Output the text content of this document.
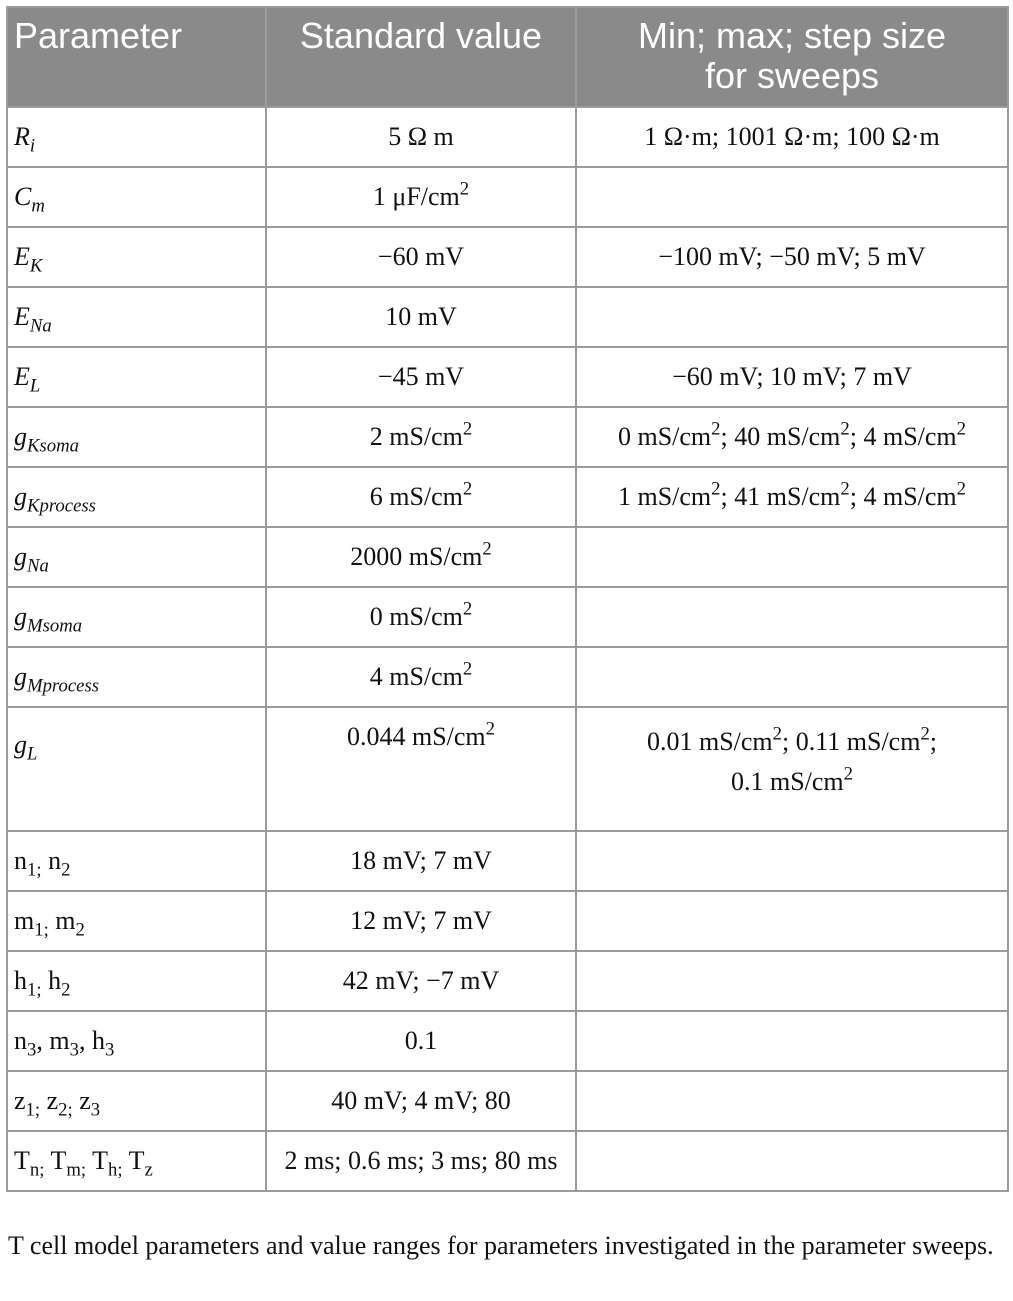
Parameter	Standard value	Min; max; step size
for sweeps
$R_i$	5 Ω m	1 Ω·m; 1001 Ω·m; 100 Ω·m
$C_m$	1 $\mu F/cm^2$	
$E_K$	−60 mV	−100 mV; −50 mV; 5 mV
$E_{Na}$	10 mV	
$E_L$	−45 mV	−60 mV; 10 mV; 7 mV
$g_{Ksoma}$	2 $mS/cm^2$	0 $mS/cm^2$; 40 $mS/cm^2$; 4 $mS/cm^2$
$g_{Kprocess}$	6 $mS/cm^2$	1 $mS/cm^2$; 41 $mS/cm^2$; 4 $mS/cm^2$
$g_{Na}$	2000 $mS/cm^2$	
$g_{Msoma}$	0 $mS/cm^2$	
$g_{Mprocess}$	4 $mS/cm^2$	
$g_L$	0.044 $mS/cm^2$	0.01 $mS/cm^2$; 0.11 $mS/cm^2$;
0.1 $mS/cm^2$
$n_{1;}$ $n_2$	18 mV; 7 mV	
$m_{1;}$ $m_2$	12 mV; 7 mV	
$h_{1;}$ $h_2$	42 mV; −7 mV	
$n_3$, $m_3$, $h_3$	0.1	
$z_{1;}$ $z_{2;}$ $z_3$	40 mV; 4 mV; 80	
$T_{n;}$ $T_{m;}$ $T_{h;}$ $T_z$	2 ms; 0.6 ms; 3 ms; 80 ms	
T cell model parameters and value ranges for parameters investigated in the parameter sweeps.
